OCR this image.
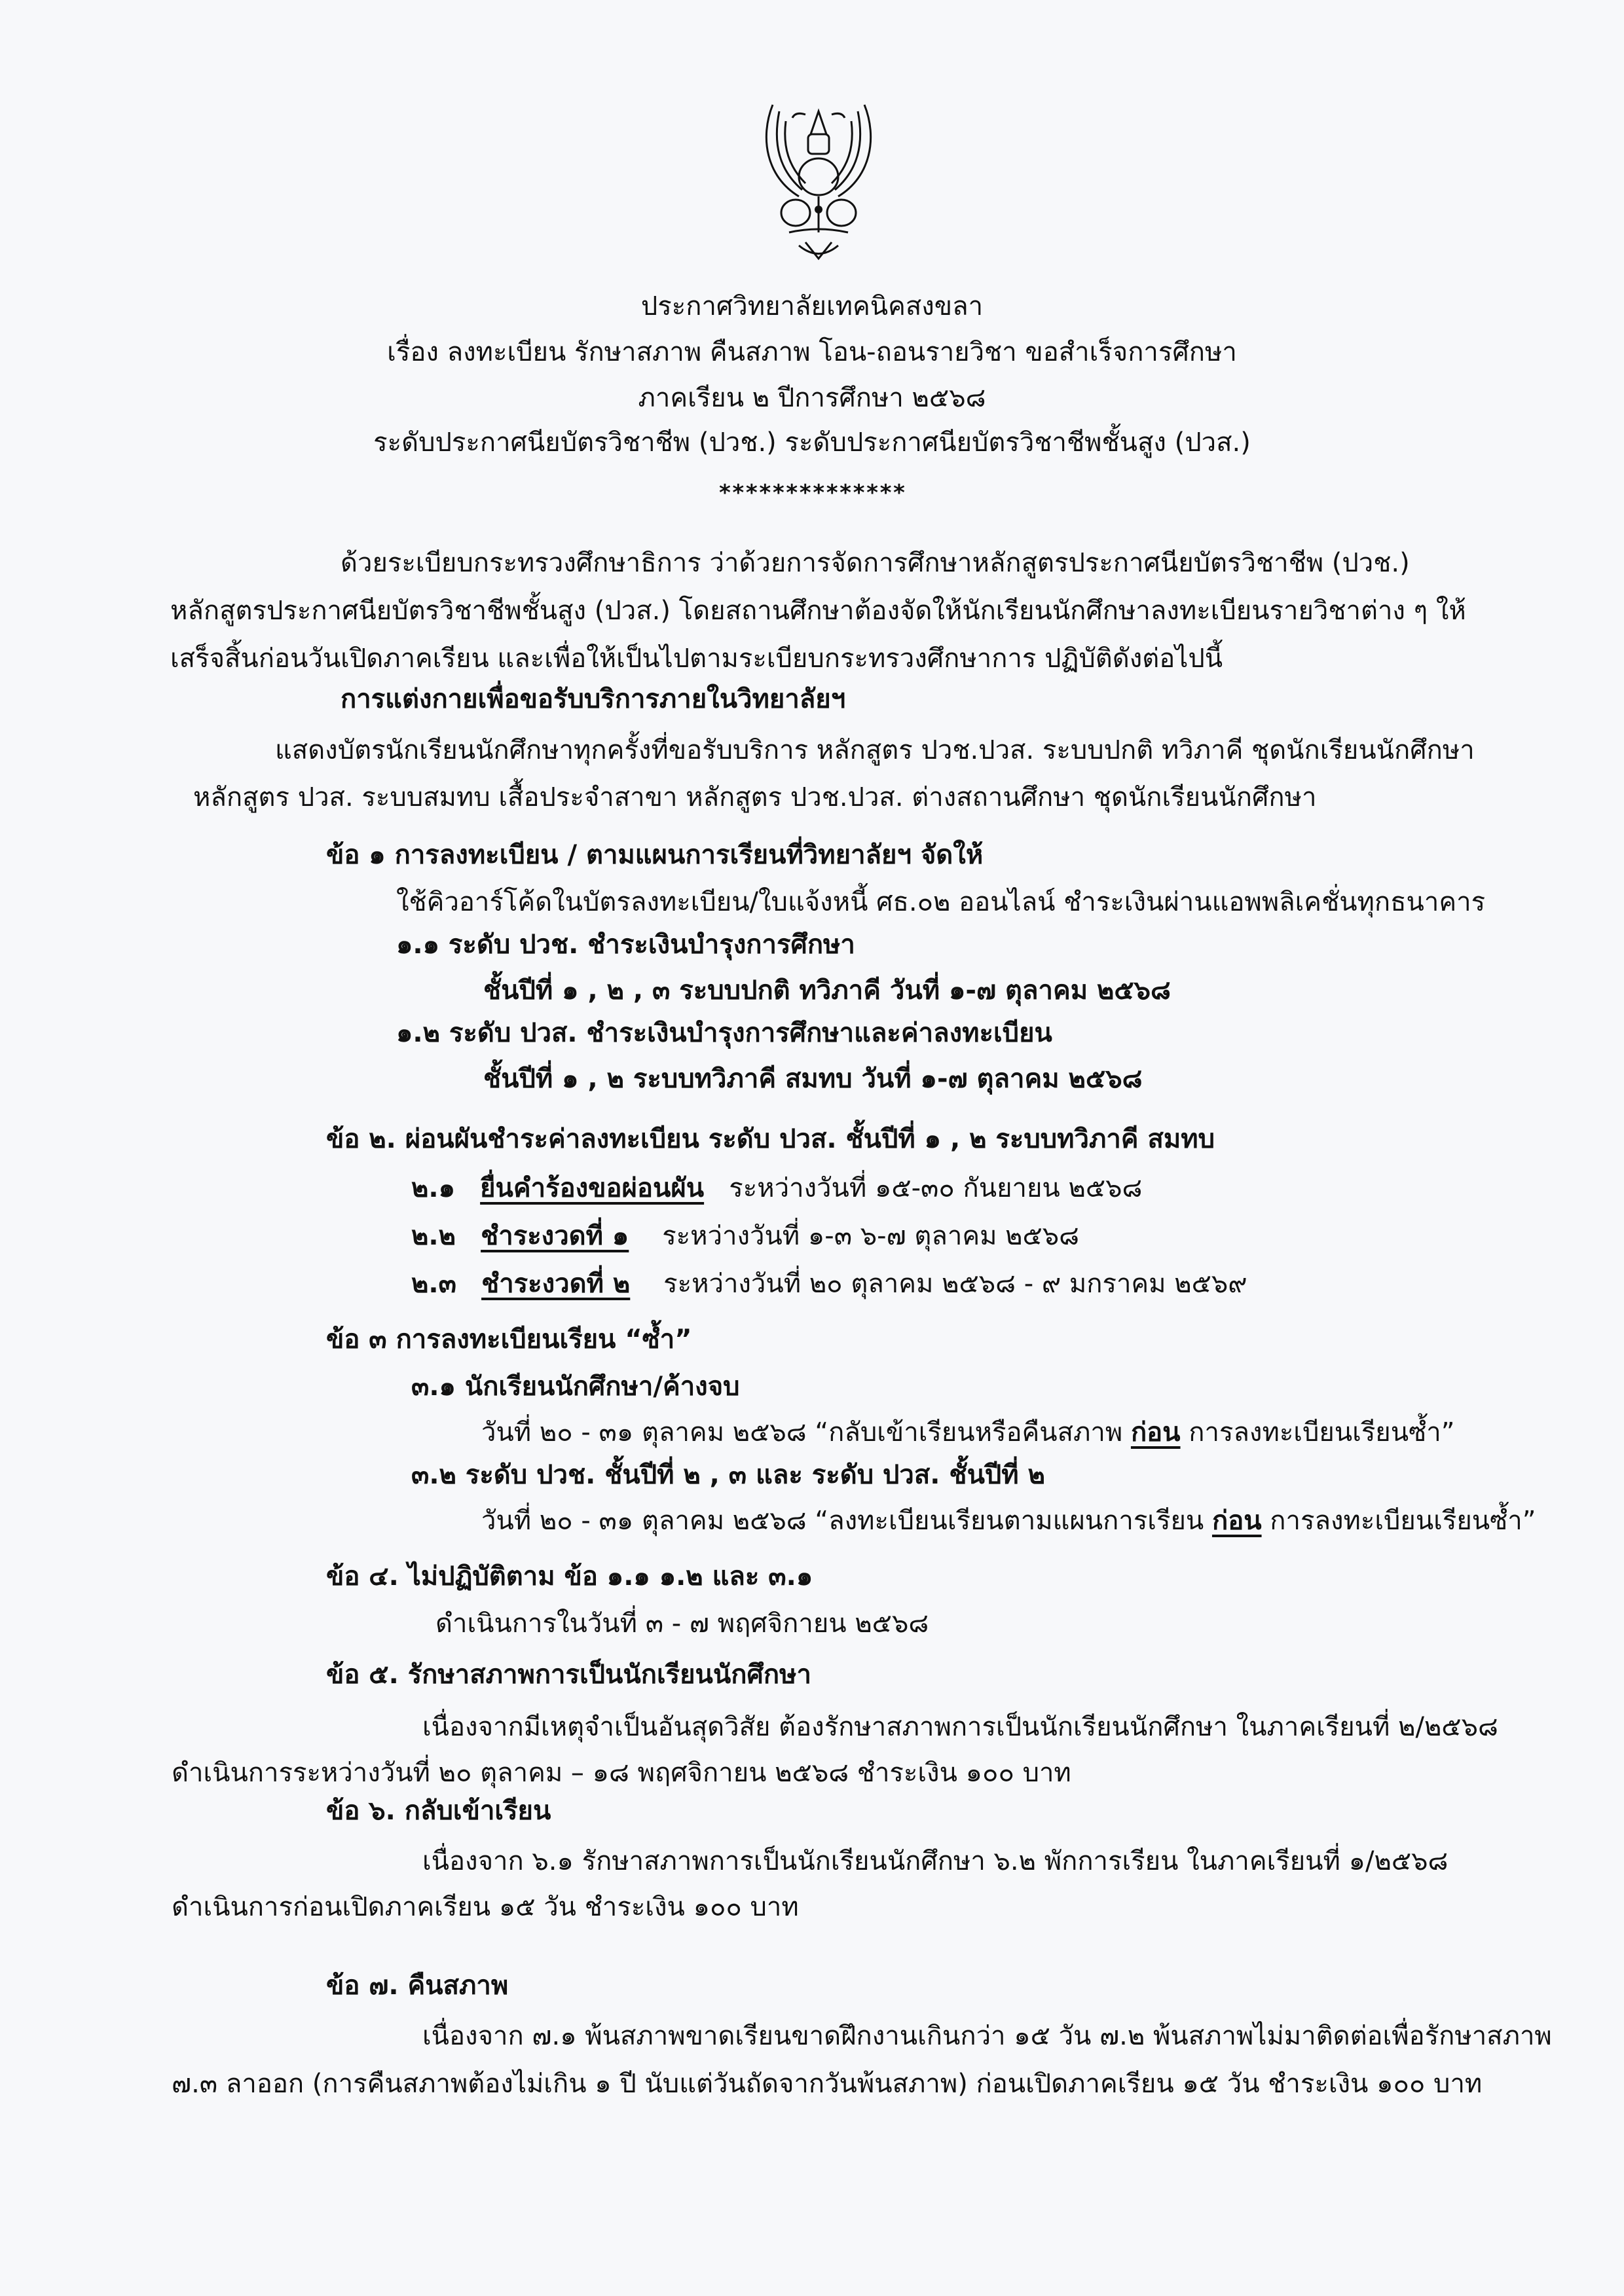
ประกาศวิทยาลัยเทคนิคสงขลา
เรื่อง ลงทะเบียน รักษาสภาพ คืนสภาพ โอน-ถอนรายวิชา ขอสำเร็จการศึกษา
ภาคเรียน ๒ ปีการศึกษา ๒๕๖๘
ระดับประกาศนียบัตรวิชาชีพ (ปวช.) ระดับประกาศนียบัตรวิชาชีพชั้นสูง (ปวส.)
**************
ด้วยระเบียบกระทรวงศึกษาธิการ ว่าด้วยการจัดการศึกษาหลักสูตรประกาศนียบัตรวิชาชีพ (ปวช.)
หลักสูตรประกาศนียบัตรวิชาชีพชั้นสูง (ปวส.) โดยสถานศึกษาต้องจัดให้นักเรียนนักศึกษาลงทะเบียนรายวิชาต่าง ๆ ให้
เสร็จสิ้นก่อนวันเปิดภาคเรียน และเพื่อให้เป็นไปตามระเบียบกระทรวงศึกษาการ ปฏิบัติดังต่อไปนี้
การแต่งกายเพื่อขอรับบริการภายในวิทยาลัยฯ
แสดงบัตรนักเรียนนักศึกษาทุกครั้งที่ขอรับบริการ หลักสูตร ปวช.ปวส. ระบบปกติ ทวิภาคี ชุดนักเรียนนักศึกษา
หลักสูตร ปวส. ระบบสมทบ เสื้อประจำสาขา หลักสูตร ปวช.ปวส. ต่างสถานศึกษา ชุดนักเรียนนักศึกษา
ข้อ ๑ การลงทะเบียน / ตามแผนการเรียนที่วิทยาลัยฯ จัดให้
ใช้คิวอาร์โค้ดในบัตรลงทะเบียน/ใบแจ้งหนี้ ศธ.๐๒ ออนไลน์ ชำระเงินผ่านแอพพลิเคชั่นทุกธนาคาร
๑.๑ ระดับ ปวช. ชำระเงินบำรุงการศึกษา
ชั้นปีที่ ๑ , ๒ , ๓ ระบบปกติ ทวิภาคี วันที่ ๑-๗ ตุลาคม ๒๕๖๘
๑.๒ ระดับ ปวส. ชำระเงินบำรุงการศึกษาและค่าลงทะเบียน
ชั้นปีที่ ๑ , ๒ ระบบทวิภาคี สมทบ วันที่ ๑-๗ ตุลาคม ๒๕๖๘
ข้อ ๒. ผ่อนผันชำระค่าลงทะเบียน ระดับ ปวส. ชั้นปีที่ ๑ , ๒ ระบบทวิภาคี สมทบ
๒.๑ ยื่นคำร้องขอผ่อนผัน ระหว่างวันที่ ๑๕-๓๐ กันยายน ๒๕๖๘
๒.๒ ชำระงวดที่ ๑ ระหว่างวันที่ ๑-๓ ๖-๗ ตุลาคม ๒๕๖๘
๒.๓ ชำระงวดที่ ๒ ระหว่างวันที่ ๒๐ ตุลาคม ๒๕๖๘ - ๙ มกราคม ๒๕๖๙
ข้อ ๓ การลงทะเบียนเรียน “ซ้ำ”
๓.๑ นักเรียนนักศึกษา/ค้างจบ
วันที่ ๒๐ - ๓๑ ตุลาคม ๒๕๖๘ “กลับเข้าเรียนหรือคืนสภาพ ก่อน การลงทะเบียนเรียนซ้ำ”
๓.๒ ระดับ ปวช. ชั้นปีที่ ๒ , ๓ และ ระดับ ปวส. ชั้นปีที่ ๒
วันที่ ๒๐ - ๓๑ ตุลาคม ๒๕๖๘ “ลงทะเบียนเรียนตามแผนการเรียน ก่อน การลงทะเบียนเรียนซ้ำ”
ข้อ ๔. ไม่ปฏิบัติตาม ข้อ ๑.๑ ๑.๒ และ ๓.๑
ดำเนินการในวันที่ ๓ - ๗ พฤศจิกายน ๒๕๖๘
ข้อ ๕. รักษาสภาพการเป็นนักเรียนนักศึกษา
เนื่องจากมีเหตุจำเป็นอันสุดวิสัย ต้องรักษาสภาพการเป็นนักเรียนนักศึกษา ในภาคเรียนที่ ๒/๒๕๖๘
ดำเนินการระหว่างวันที่ ๒๐ ตุลาคม – ๑๘ พฤศจิกายน ๒๕๖๘ ชำระเงิน ๑๐๐ บาท
ข้อ ๖. กลับเข้าเรียน
เนื่องจาก ๖.๑ รักษาสภาพการเป็นนักเรียนนักศึกษา ๖.๒ พักการเรียน ในภาคเรียนที่ ๑/๒๕๖๘
ดำเนินการก่อนเปิดภาคเรียน ๑๕ วัน ชำระเงิน ๑๐๐ บาท
ข้อ ๗. คืนสภาพ
เนื่องจาก ๗.๑ พ้นสภาพขาดเรียนขาดฝึกงานเกินกว่า ๑๕ วัน ๗.๒ พ้นสภาพไม่มาติดต่อเพื่อรักษาสภาพ
๗.๓ ลาออก (การคืนสภาพต้องไม่เกิน ๑ ปี นับแต่วันถัดจากวันพ้นสภาพ) ก่อนเปิดภาคเรียน ๑๕ วัน ชำระเงิน ๑๐๐ บาท
